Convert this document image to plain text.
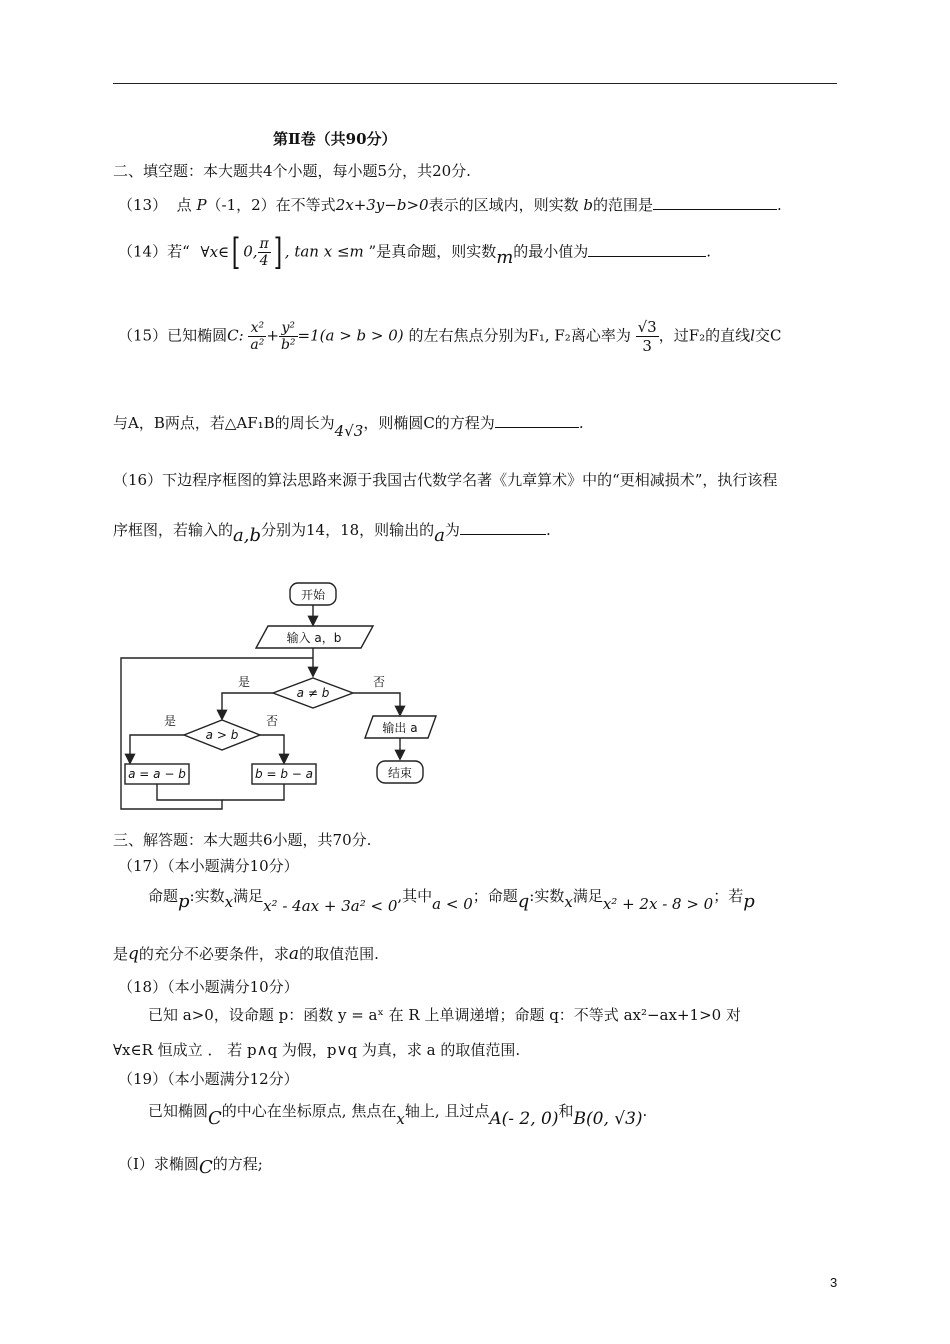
第Ⅱ卷（共90分）
二、填空题：本大题共4个小题，每小题5分，共20分.
（13） 点 P（-1，2）在不等式2x+3y−b>0表示的区域内，则实数 b的范围是	.
（14）若“ ∀x∈[ 0, $\frac{\pi}{4}$ ] , tan x ≤m ”是真命题，则实数m的最小值为	.
（15）已知椭圆C: $\frac{\text{x²}}{\text{a²}} + \frac{\text{y²}}{\text{b²}} =1(a > b > 0)$ 的左右焦点分别为F₁, F₂离心率为 $\frac{√3}{3}$ ，过F₂的直线l交C
与A，B两点，若△AF₁B的周长为4√3，则椭圆C的方程为	.
（16）下边程序框图的算法思路来源于我国古代数学名著《九章算术》中的“更相减损术”，执行该程
序框图，若输入的a,b分别为14，18，则输出的a为	.
开始
输入 a，b
a ≠ b
是	否
a > b
是	否
a = a − b	b = b − a
输出 a
结束
三、解答题：本大题共6小题，共70分.
（17）（本小题满分10分）
命题p:实数x满足x² - 4ax + 3a² < 0,其中a < 0；命题q:实数x满足x² + 2x - 8 > 0；若p
是q的充分不必要条件，求a的取值范围.
（18）（本小题满分10分）
已知 a>0，设命题 p：函数 y = aˣ 在 R 上单调递增；命题 q：不等式 ax²−ax+1>0 对
∀x∈R 恒成立 ． 若 p∧q 为假，p∨q 为真，求 a 的取值范围.
（19）（本小题满分12分）
已知椭圆C的中心在坐标原点, 焦点在x轴上, 且过点A(- 2, 0)和B(0, √3).
（Ⅰ）求椭圆C的方程;
3
